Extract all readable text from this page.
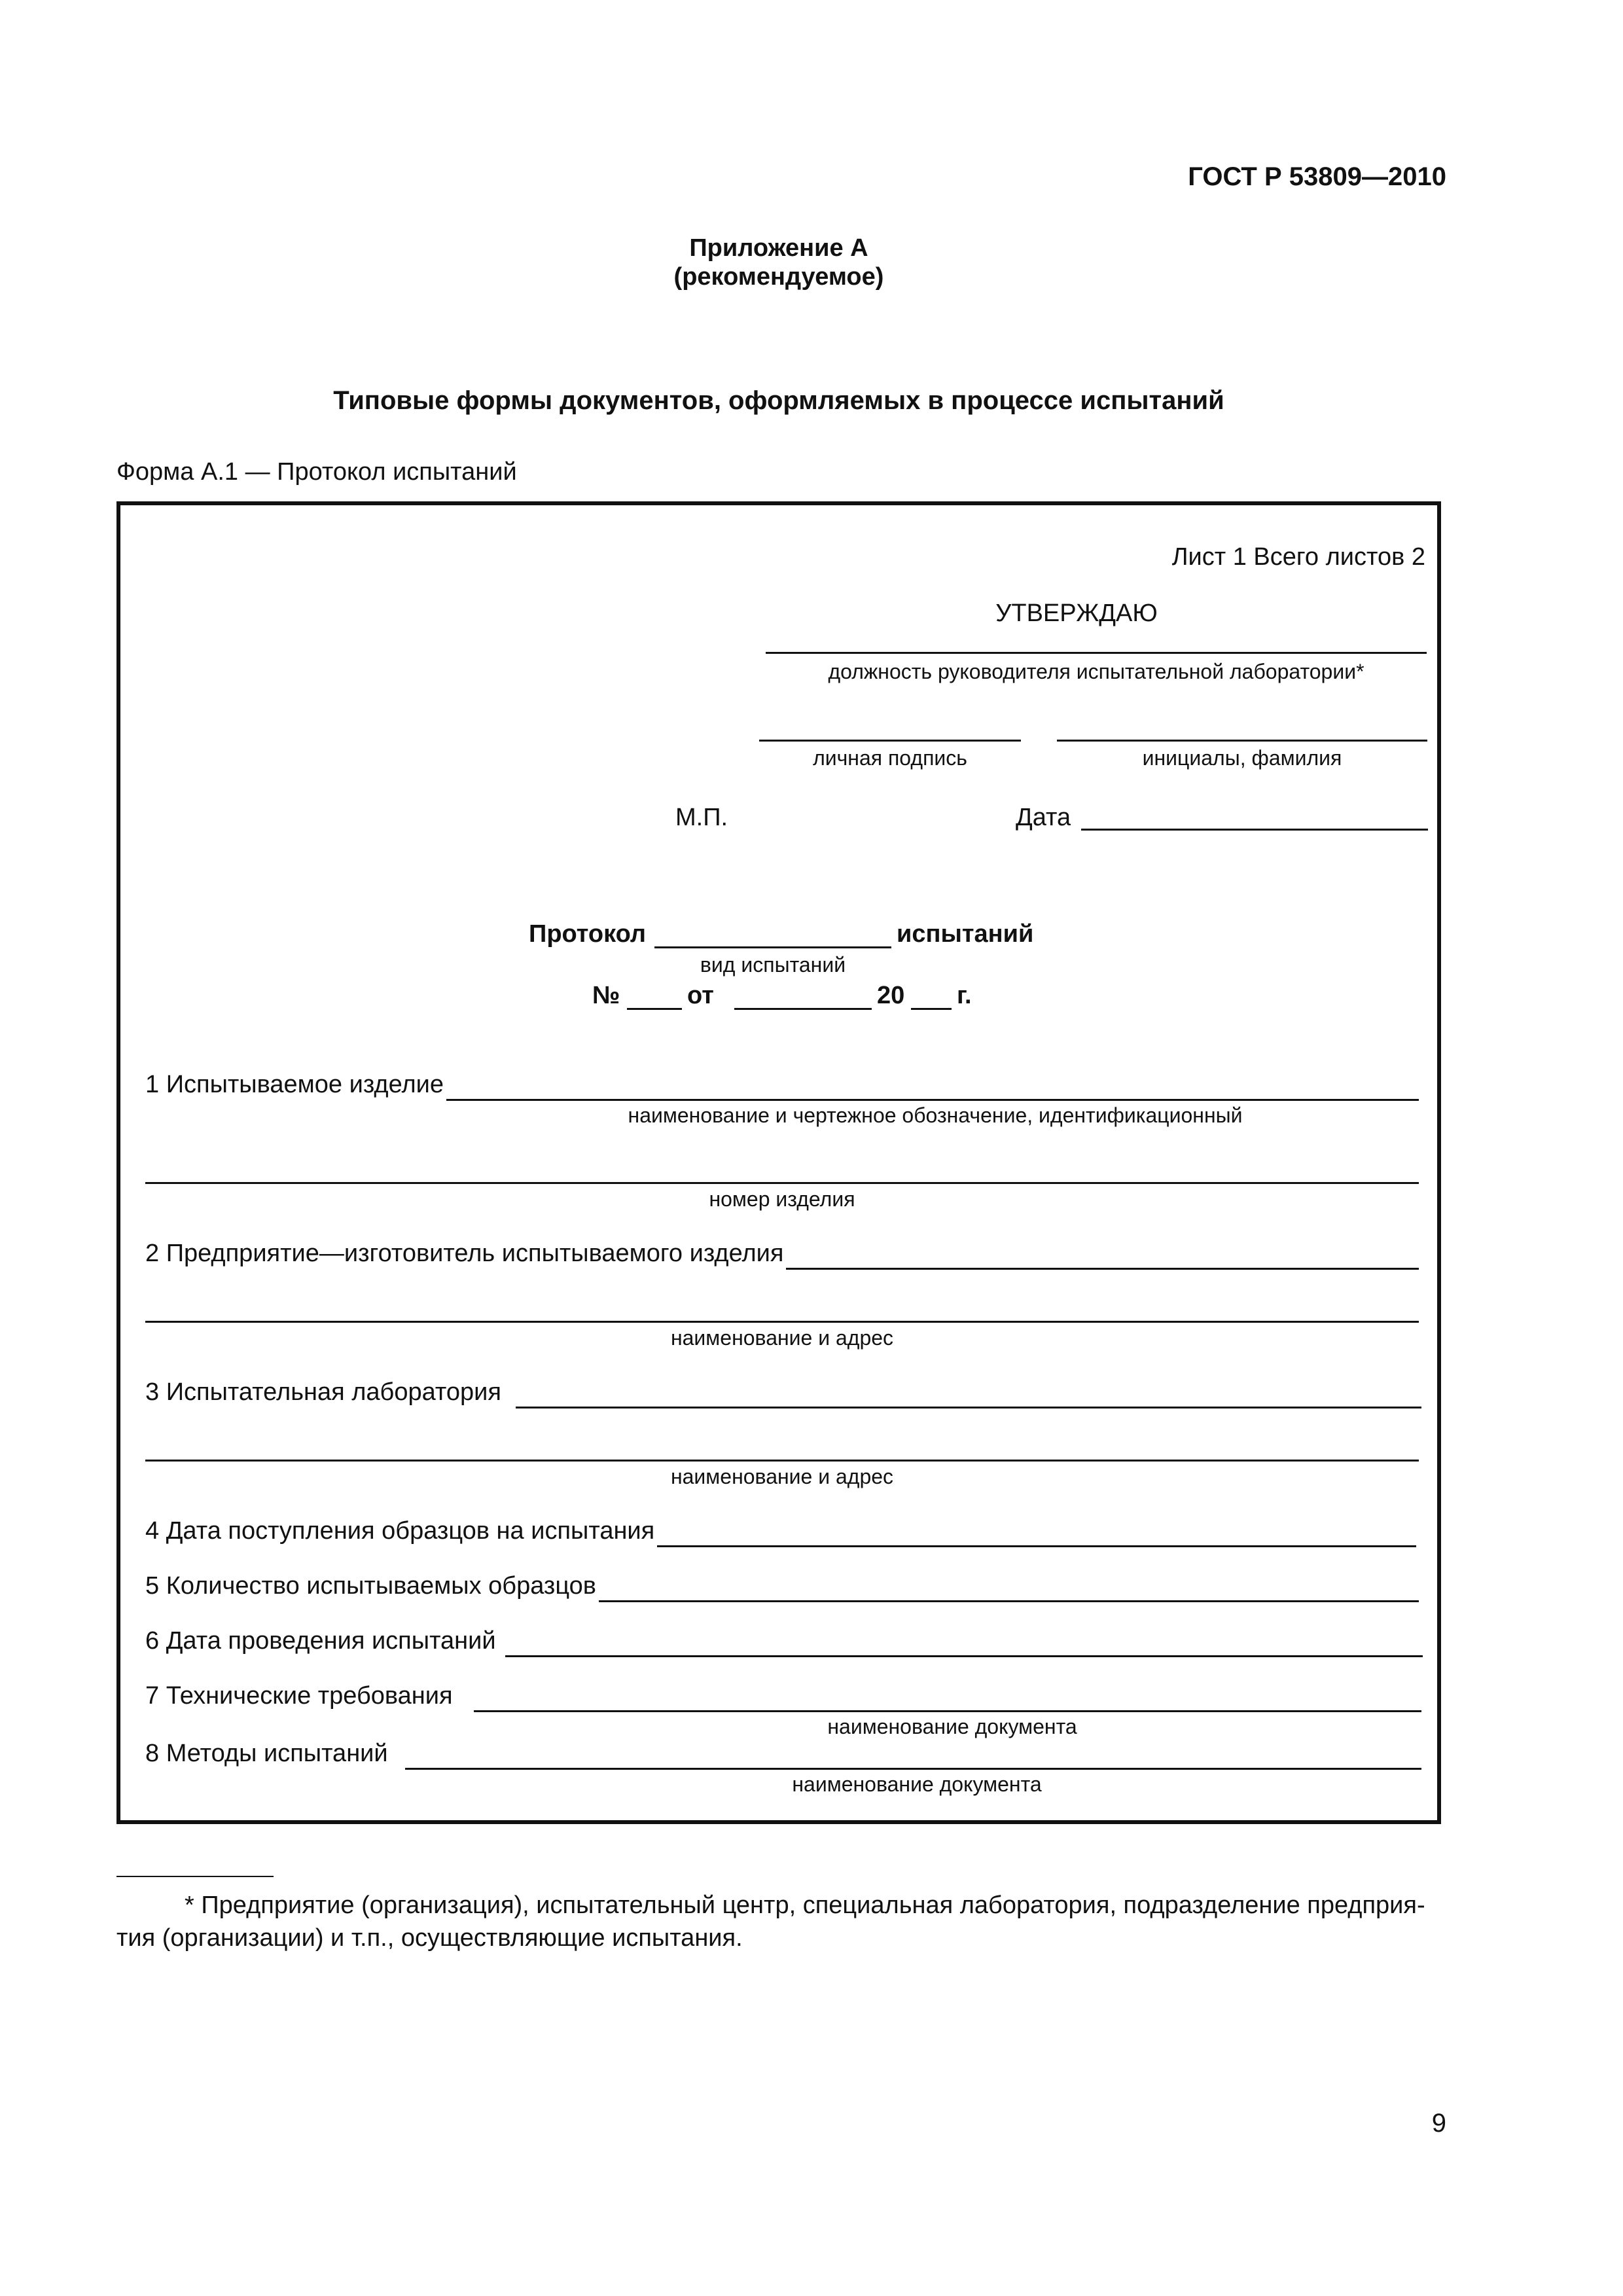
ГОСТ Р 53809—2010
Приложение А
(рекомендуемое)
Типовые формы документов, оформляемых в процессе испытаний
Форма А.1 — Протокол испытаний
Лист 1 Всего листов 2
УТВЕРЖДАЮ
должность руководителя испытательной лаборатории*
личная подпись	инициалы, фамилия
М.П.	Дата
Протокол	испытаний
вид испытаний
№	от	20 г.
1 Испытываемое изделие
наименование и чертежное обозначение, идентификационный
номер изделия
2 Предприятие—изготовитель испытываемого изделия
наименование и адрес
3 Испытательная лаборатория
наименование и адрес
4 Дата поступления образцов на испытания
5 Количество испытываемых образцов
6 Дата проведения испытаний
7 Технические требования
наименование документа
8 Методы испытаний
наименование документа
* Предприятие (организация), испытательный центр, специальная лаборатория, подразделение предприя-
тия (организации) и т.п., осуществляющие испытания.
9
